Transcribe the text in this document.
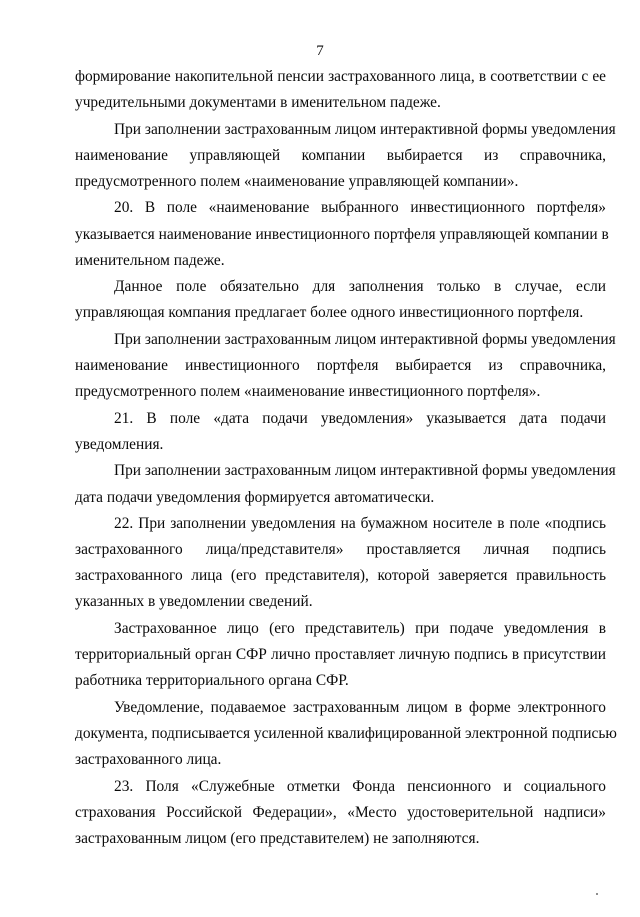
7
формирование накопительной пенсии застрахованного лица, в соответствии с ее
учредительными документами в именительном падеже.
При заполнении застрахованным лицом интерактивной формы уведомления
наименование управляющей компании выбирается из справочника,
предусмотренного полем «наименование управляющей компании».
20. В поле «наименование выбранного инвестиционного портфеля»
указывается наименование инвестиционного портфеля управляющей компании в
именительном падеже.
Данное поле обязательно для заполнения только в случае, если
управляющая компания предлагает более одного инвестиционного портфеля.
При заполнении застрахованным лицом интерактивной формы уведомления
наименование инвестиционного портфеля выбирается из справочника,
предусмотренного полем «наименование инвестиционного портфеля».
21. В поле «дата подачи уведомления» указывается дата подачи
уведомления.
При заполнении застрахованным лицом интерактивной формы уведомления
дата подачи уведомления формируется автоматически.
22. При заполнении уведомления на бумажном носителе в поле «подпись
застрахованного лица/представителя» проставляется личная подпись
застрахованного лица (его представителя), которой заверяется правильность
указанных в уведомлении сведений.
Застрахованное лицо (его представитель) при подаче уведомления в
территориальный орган СФР лично проставляет личную подпись в присутствии
работника территориального органа СФР.
Уведомление, подаваемое застрахованным лицом в форме электронного
документа, подписывается усиленной квалифицированной электронной подписью
застрахованного лица.
23. Поля «Служебные отметки Фонда пенсионного и социального
страхования Российской Федерации», «Место удостоверительной надписи»
застрахованным лицом (его представителем) не заполняются.
